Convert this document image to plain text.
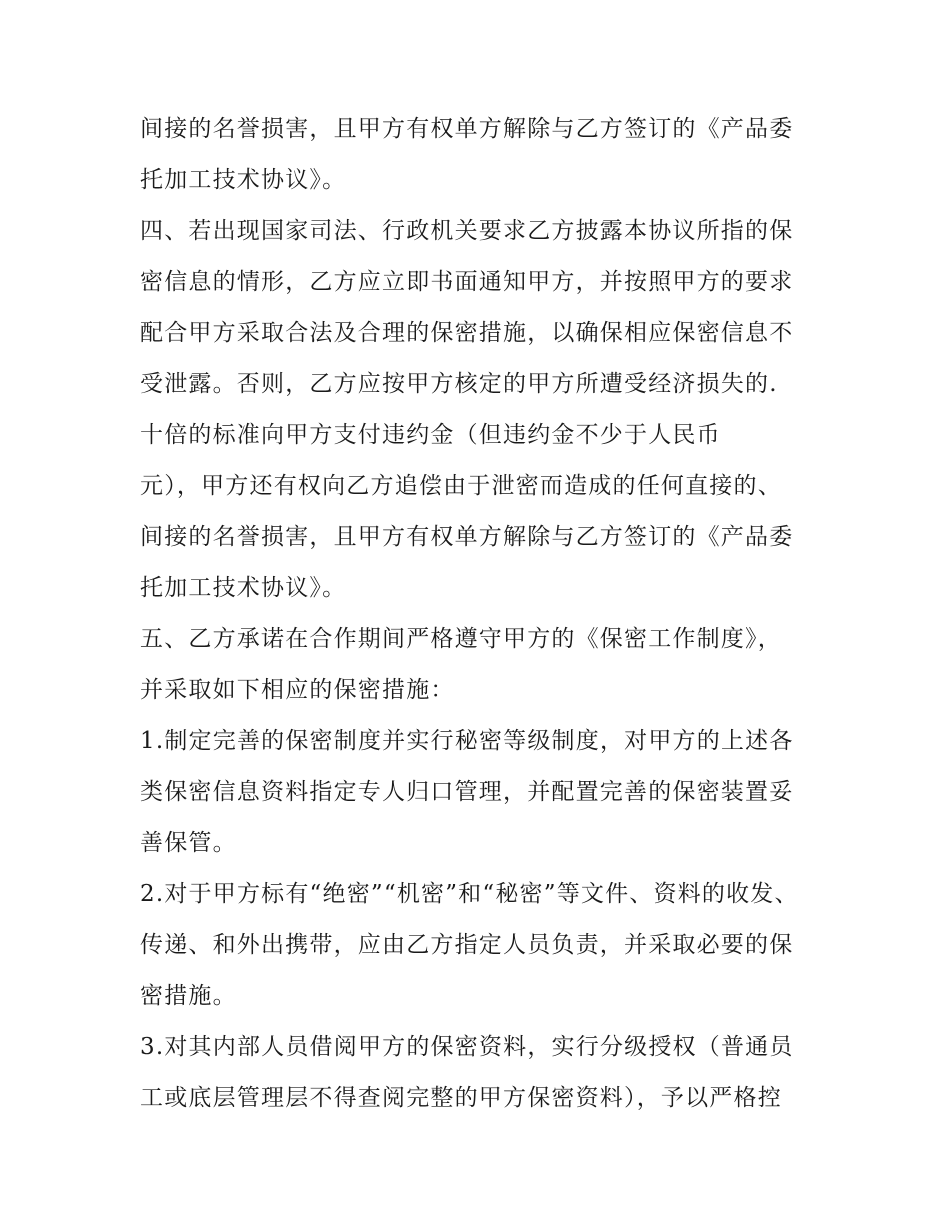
间接的名誉损害，且甲方有权单方解除与乙方签订的《产品委
托加工技术协议》。
四、若出现国家司法、行政机关要求乙方披露本协议所指的保
密信息的情形，乙方应立即书面通知甲方，并按照甲方的要求
配合甲方采取合法及合理的保密措施，以确保相应保密信息不
受泄露。否则，乙方应按甲方核定的甲方所遭受经济损失的.
十倍的标准向甲方支付违约金（但违约金不少于人民币
元），甲方还有权向乙方追偿由于泄密而造成的任何直接的、
间接的名誉损害，且甲方有权单方解除与乙方签订的《产品委
托加工技术协议》。
五、乙方承诺在合作期间严格遵守甲方的《保密工作制度》，
并采取如下相应的保密措施：
1.制定完善的保密制度并实行秘密等级制度，对甲方的上述各
类保密信息资料指定专人归口管理，并配置完善的保密装置妥
善保管。
2.对于甲方标有“绝密”“机密”和“秘密”等文件、资料的收发、
传递、和外出携带，应由乙方指定人员负责，并采取必要的保
密措施。
3.对其内部人员借阅甲方的保密资料，实行分级授权（普通员
工或底层管理层不得查阅完整的甲方保密资料），予以严格控
